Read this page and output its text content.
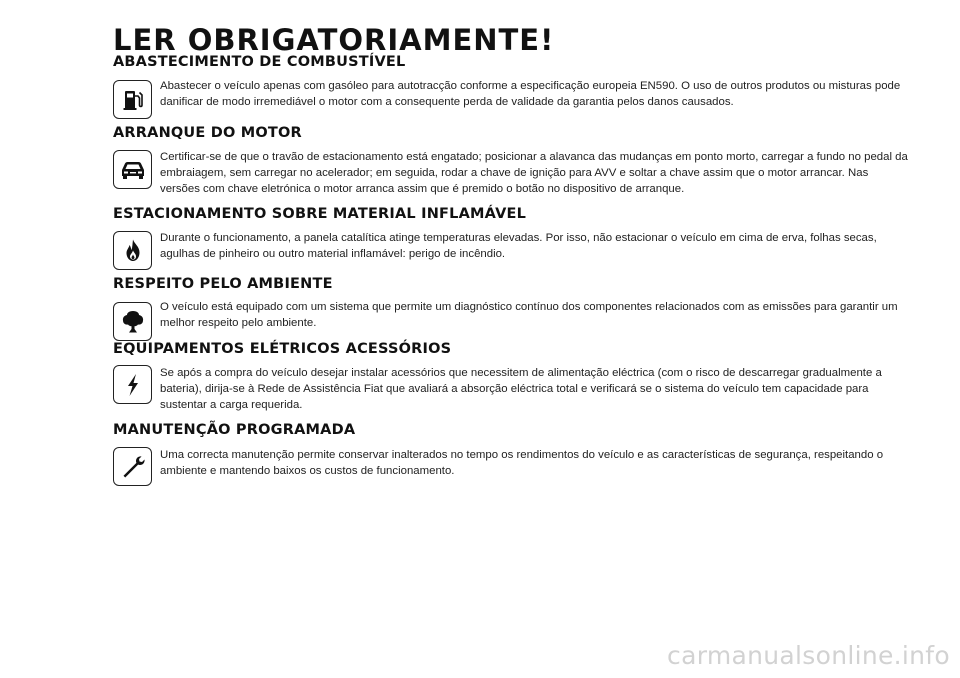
LER OBRIGATORIAMENTE!
ABASTECIMENTO DE COMBUSTÍVEL
Abastecer o veículo apenas com gasóleo para autotracção conforme a especificação europeia EN590. O uso de outros produtos ou misturas pode danificar de modo irremediável o motor com a consequente perda de validade da garantia pelos danos causados.
ARRANQUE DO MOTOR
Certificar-se de que o travão de estacionamento está engatado; posicionar a alavanca das mudanças em ponto morto, carregar a fundo no pedal da embraiagem, sem carregar no acelerador; em seguida, rodar a chave de ignição para AVV e soltar a chave assim que o motor arrancar. Nas versões com chave eletrónica o motor arranca assim que é premido o botão no dispositivo de arranque.
ESTACIONAMENTO SOBRE MATERIAL INFLAMÁVEL
Durante o funcionamento, a panela catalítica atinge temperaturas elevadas. Por isso, não estacionar o veículo em cima de erva, folhas secas, agulhas de pinheiro ou outro material inflamável: perigo de incêndio.
RESPEITO PELO AMBIENTE
O veículo está equipado com um sistema que permite um diagnóstico contínuo dos componentes relacionados com as emissões para garantir um melhor respeito pelo ambiente.
EQUIPAMENTOS ELÉTRICOS ACESSÓRIOS
Se após a compra do veículo desejar instalar acessórios que necessitem de alimentação eléctrica (com o risco de descarregar gradualmente a bateria), dirija-se à Rede de Assistência Fiat que avaliará a absorção eléctrica total e verificará se o sistema do veículo tem capacidade para sustentar a carga requerida.
MANUTENÇÃO PROGRAMADA
Uma correcta manutenção permite conservar inalterados no tempo os rendimentos do veículo e as características de segurança, respeitando o ambiente e mantendo baixos os custos de funcionamento.
carmanualsonline.info
